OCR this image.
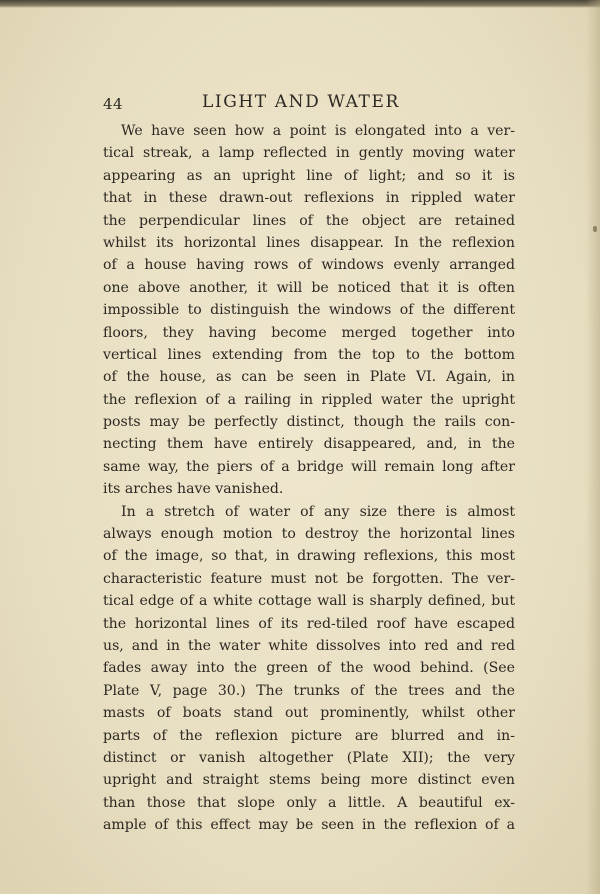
44	LIGHT AND WATER
We have seen how a point is elongated into a ver-
tical streak, a lamp reflected in gently moving water
appearing as an upright line of light; and so it is
that in these drawn-out reflexions in rippled water
the perpendicular lines of the object are retained
whilst its horizontal lines disappear. In the reflexion
of a house having rows of windows evenly arranged
one above another, it will be noticed that it is often
impossible to distinguish the windows of the different
floors, they having become merged together into
vertical lines extending from the top to the bottom
of the house, as can be seen in Plate VI. Again, in
the reflexion of a railing in rippled water the upright
posts may be perfectly distinct, though the rails con-
necting them have entirely disappeared, and, in the
same way, the piers of a bridge will remain long after
its arches have vanished.
In a stretch of water of any size there is almost
always enough motion to destroy the horizontal lines
of the image, so that, in drawing reflexions, this most
characteristic feature must not be forgotten. The ver-
tical edge of a white cottage wall is sharply defined, but
the horizontal lines of its red-tiled roof have escaped
us, and in the water white dissolves into red and red
fades away into the green of the wood behind. (See
Plate V, page 30.) The trunks of the trees and the
masts of boats stand out prominently, whilst other
parts of the reflexion picture are blurred and in-
distinct or vanish altogether (Plate XII); the very
upright and straight stems being more distinct even
than those that slope only a little. A beautiful ex-
ample of this effect may be seen in the reflexion of a
